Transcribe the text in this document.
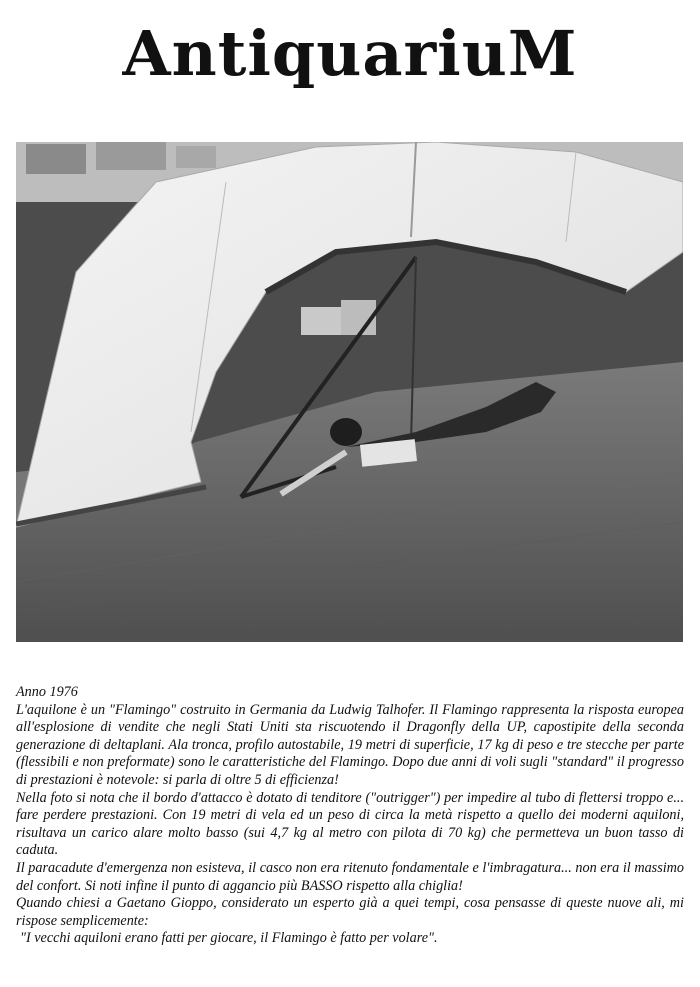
AntiquariuM

Anno 1976

L'aquilone è un "Flamingo" costruito in Germania da Ludwig Talhofer. Il Flamingo rappresenta la risposta europea all'esplosione di vendite che negli Stati Uniti sta riscuotendo il Dragonfly della UP, capostipite della seconda generazione di deltaplani. Ala tronca, profilo autostabile, 19 metri di superficie, 17 kg di peso e tre stecche per parte (flessibili e non preformate) sono le caratteristiche del Flamingo. Dopo due anni di voli sugli "standard" il progresso di prestazioni è notevole: si parla di oltre 5 di efficienza!

Nella foto si nota che il bordo d'attacco è dotato di tenditore ("outrigger") per impedire al tubo di flettersi troppo e... fare perdere prestazioni. Con 19 metri di vela ed un peso di circa la metà rispetto a quello dei moderni aquiloni, risultava un carico alare molto basso (sui 4,7 kg al metro con pilota di 70 kg) che permetteva un buon tasso di caduta.

Il paracadute d'emergenza non esisteva, il casco non era ritenuto fondamentale e l'imbragatura... non era il massimo del confort. Si noti infine il punto di aggancio più BASSO rispetto alla chiglia!

Quando chiesi a Gaetano Gioppo, considerato un esperto già a quei tempi, cosa pensasse di queste nuove ali, mi rispose semplicemente:

"I vecchi aquiloni erano fatti per giocare, il Flamingo è fatto per volare".
